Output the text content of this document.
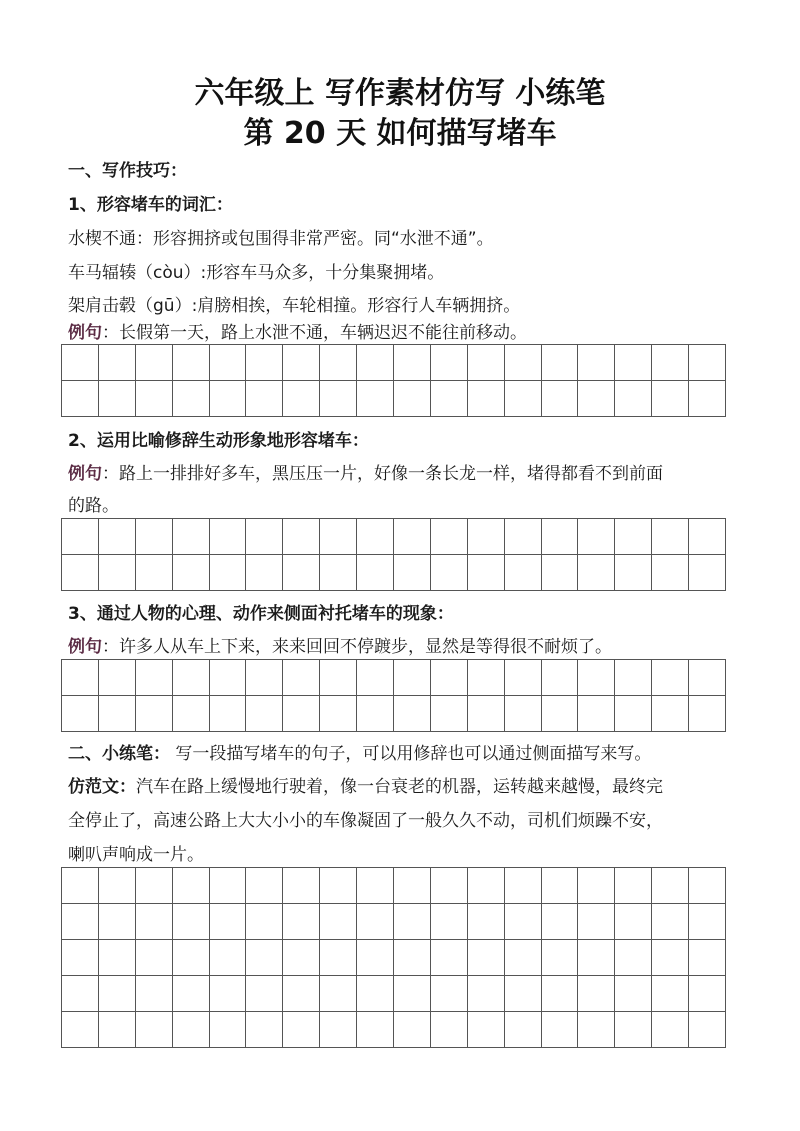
六年级上 写作素材仿写 小练笔
第 20 天 如何描写堵车
一、写作技巧：
1、形容堵车的词汇：
水楔不通：形容拥挤或包围得非常严密。同“水泄不通”。
车马辐辏（còu）:形容车马众多，十分集聚拥堵。
架肩击毂（gū）:肩膀相挨，车轮相撞。形容行人车辆拥挤。
例句：长假第一天，路上水泄不通，车辆迟迟不能往前移动。
2、运用比喻修辞生动形象地形容堵车：
例句：路上一排排好多车，黑压压一片，好像一条长龙一样，堵得都看不到前面
的路。
3、通过人物的心理、动作来侧面衬托堵车的现象：
例句：许多人从车上下来，来来回回不停踱步，显然是等得很不耐烦了。
二、小练笔： 写一段描写堵车的句子，可以用修辞也可以通过侧面描写来写。
仿范文：汽车在路上缓慢地行驶着，像一台衰老的机器，运转越来越慢，最终完
全停止了，高速公路上大大小小的车像凝固了一般久久不动，司机们烦躁不安，
喇叭声响成一片。
